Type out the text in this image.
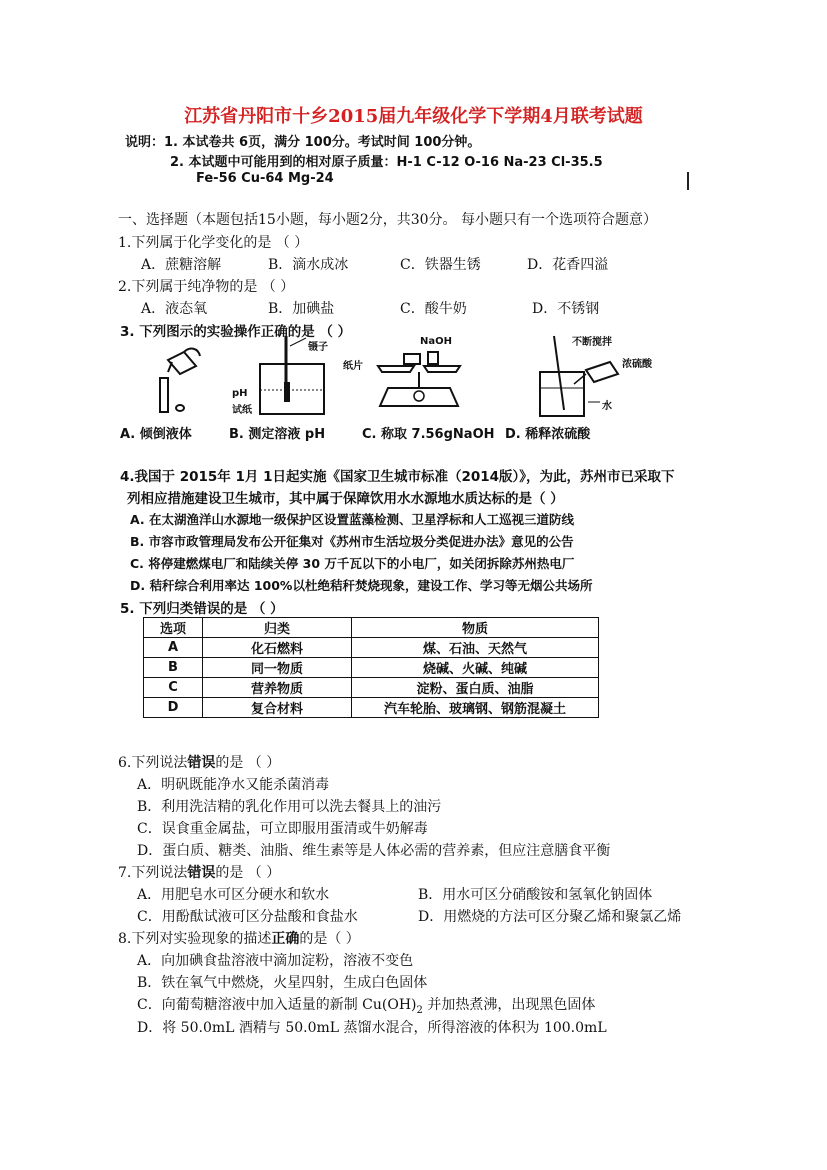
江苏省丹阳市十乡2015届九年级化学下学期4月联考试题
说明：1. 本试卷共 6页，满分 100分。考试时间 100分钟。
2. 本试题中可能用到的相对原子质量：H-1 C-12 O-16 Na-23 Cl-35.5
Fe-56 Cu-64 Mg-24
一、选择题（本题包括15小题，每小题2分，共30分。 每小题只有一个选项符合题意）
1.下列属于化学变化的是 （ ）
A．蔗糖溶解	B．滴水成冰	C．铁器生锈	D．花香四溢
2.下列属于纯净物的是 （ ）
A．液态氧	B．加碘盐	C．酸牛奶	D．不锈钢
3. 下列图示的实验操作正确的是 （ ）
镊子
pH
试纸
NaOH
纸片
不断搅拌
浓硫酸
水
A. 倾倒液体	B. 测定溶液 pH	C. 称取 7.56gNaOH D. 稀释浓硫酸
4.我国于 2015年 1月 1日起实施《国家卫生城市标准（2014版）》，为此，苏州市已采取下
列相应措施建设卫生城市，其中属于保障饮用水水源地水质达标的是（ ）
A. 在太湖渔洋山水源地一级保护区设置蓝藻检测、卫星浮标和人工巡视三道防线
B. 市容市政管理局发布公开征集对《苏州市生活垃圾分类促进办法》意见的公告
C. 将停建燃煤电厂和陆续关停 30 万千瓦以下的小电厂，如关闭拆除苏州热电厂
D. 秸秆综合利用率达 100%以杜绝秸秆焚烧现象，建设工作、学习等无烟公共场所
5. 下列归类错误的是 （ ）
选项	归类	物质
A	化石燃料	煤、石油、天然气
B	同一物质	烧碱、火碱、纯碱
C	营养物质	淀粉、蛋白质、油脂
D	复合材料	汽车轮胎、玻璃钢、钢筋混凝土
6.下列说法错误的是 （ ）
A．明矾既能净水又能杀菌消毒
B．利用洗洁精的乳化作用可以洗去餐具上的油污
C．误食重金属盐，可立即服用蛋清或牛奶解毒
D．蛋白质、糖类、油脂、维生素等是人体必需的营养素，但应注意膳食平衡
7.下列说法错误的是 （ ）
A．用肥皂水可区分硬水和软水	B．用水可区分硝酸铵和氢氧化钠固体
C．用酚酞试液可区分盐酸和食盐水	D．用燃烧的方法可区分聚乙烯和聚氯乙烯
8.下列对实验现象的描述正确的是（ ）
A．向加碘食盐溶液中滴加淀粉，溶液不变色
B．铁在氧气中燃烧，火星四射，生成白色固体
C．向葡萄糖溶液中加入适量的新制 $Cu(OH)_2$ 并加热煮沸，出现黑色固体
D．将 50.0mL 酒精与 50.0mL 蒸馏水混合，所得溶液的体积为 100.0mL
